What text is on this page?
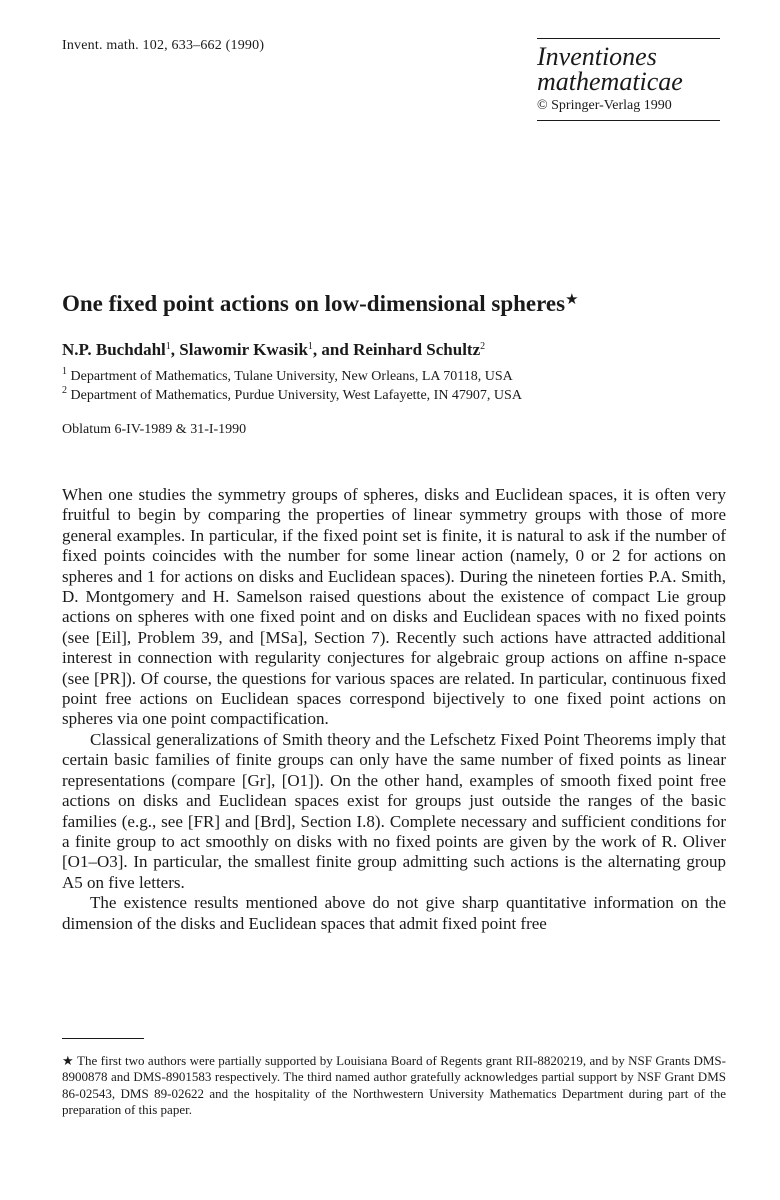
Invent. math. 102, 633–662 (1990)	Inventiones
mathematicae
© Springer-Verlag 1990
One fixed point actions on low-dimensional spheres★
N.P. Buchdahl$^1$, Slawomir Kwasik$^1$, and Reinhard Schultz$^2$
$^1$ Department of Mathematics, Tulane University, New Orleans, LA 70118, USA
$^2$ Department of Mathematics, Purdue University, West Lafayette, IN 47907, USA
Oblatum 6-IV-1989 & 31-I-1990

When one studies the symmetry groups of spheres, disks and Euclidean spaces, it is often very fruitful to begin by comparing the properties of linear symmetry groups with those of more general examples. In particular, if the fixed point set is finite, it is natural to ask if the number of fixed points coincides with the number for some linear action (namely, 0 or 2 for actions on spheres and 1 for actions on disks and Euclidean spaces). During the nineteen forties P.A. Smith, D. Montgomery and H. Samelson raised questions about the existence of compact Lie group actions on spheres with one fixed point and on disks and Euclidean spaces with no fixed points (see [Eil], Problem 39, and [MSa], Section 7). Recently such actions have attracted additional interest in connection with regularity conjectures for algebraic group actions on affine n-space (see [PR]). Of course, the questions for various spaces are related. In particular, continuous fixed point free actions on Euclidean spaces correspond bijectively to one fixed point actions on spheres via one point compactification.

Classical generalizations of Smith theory and the Lefschetz Fixed Point Theorems imply that certain basic families of finite groups can only have the same number of fixed points as linear representations (compare [Gr], [O1]). On the other hand, examples of smooth fixed point free actions on disks and Euclidean spaces exist for groups just outside the ranges of the basic families (e.g., see [FR] and [Brd], Section I.8). Complete necessary and sufficient conditions for a finite group to act smoothly on disks with no fixed points are given by the work of R. Oliver [O1–O3]. In particular, the smallest finite group admitting such actions is the alternating group A5 on five letters.

The existence results mentioned above do not give sharp quantitative information on the dimension of the disks and Euclidean spaces that admit fixed point free

★ The first two authors were partially supported by Louisiana Board of Regents grant RII-8820219, and by NSF Grants DMS-8900878 and DMS-8901583 respectively. The third named author gratefully acknowledges partial support by NSF Grant DMS 86-02543, DMS 89-02622 and the hospitality of the Northwestern University Mathematics Department during part of the preparation of this paper.
